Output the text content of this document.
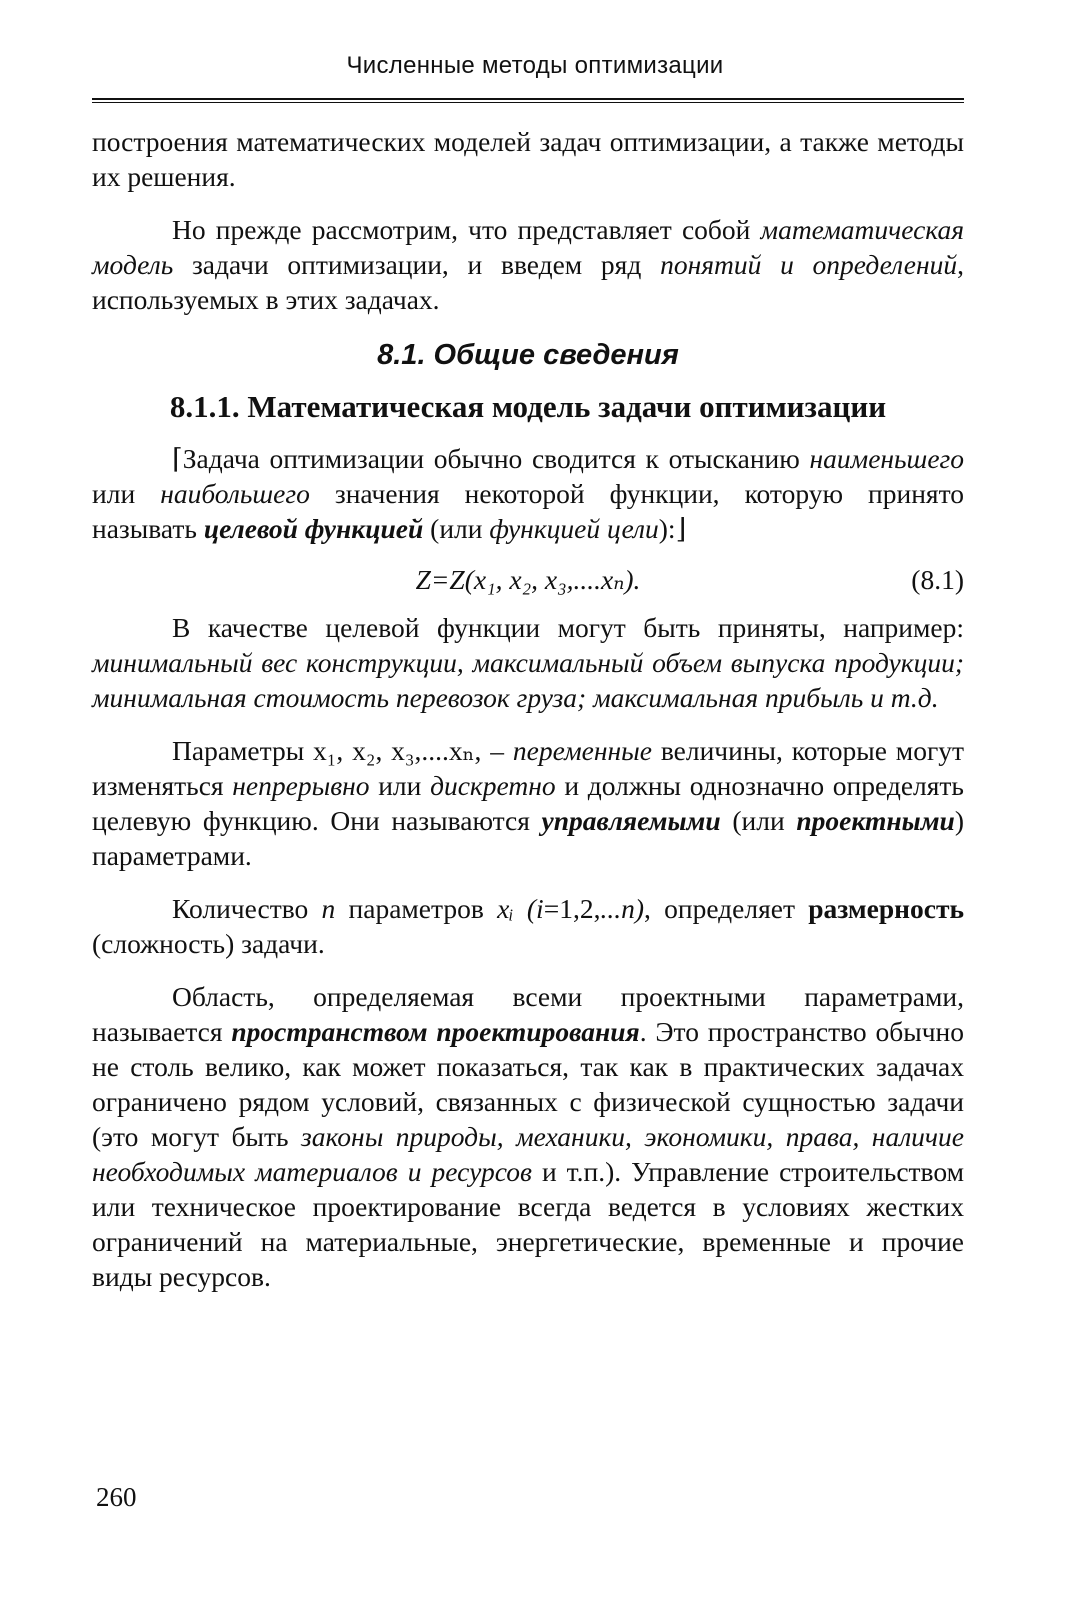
Численные методы оптимизации

построения математических моделей задач оптимизации, а также методы их решения.

Но прежде рассмотрим, что представляет собой математическая модель задачи оптимизации, и введем ряд понятий и определений, используемых в этих задачах.

8.1. Общие сведения
8.1.1. Математическая модель задачи оптимизации

⌈Задача оптимизации обычно сводится к отысканию наименьшего или наибольшего значения некоторой функции, которую принято называть целевой функцией (или функцией цели):⌋

Z=Z(x₁, x₂, x₃,....xₙ).	(8.1)

В качестве целевой функции могут быть приняты, например: минимальный вес конструкции, максимальный объем выпуска продукции; минимальная стоимость перевозок груза; максимальная прибыль и т.д.

Параметры x₁, x₂, x₃,....xₙ, – переменные величины, которые могут изменяться непрерывно или дискретно и должны однозначно определять целевую функцию. Они называются управляемыми (или проектными) параметрами.

Количество n параметров xᵢ (i=1,2,...n), определяет размерность (сложность) задачи.

Область, определяемая всеми проектными параметрами, называется пространством проектирования. Это пространство обычно не столь велико, как может показаться, так как в практических задачах ограничено рядом условий, связанных с физической сущностью задачи (это могут быть законы природы, механики, экономики, права, наличие необходимых материалов и ресурсов и т.п.). Управление строительством или техническое проектирование всегда ведется в условиях жестких ограничений на материальные, энергетические, временные и прочие виды ресурсов.

260
